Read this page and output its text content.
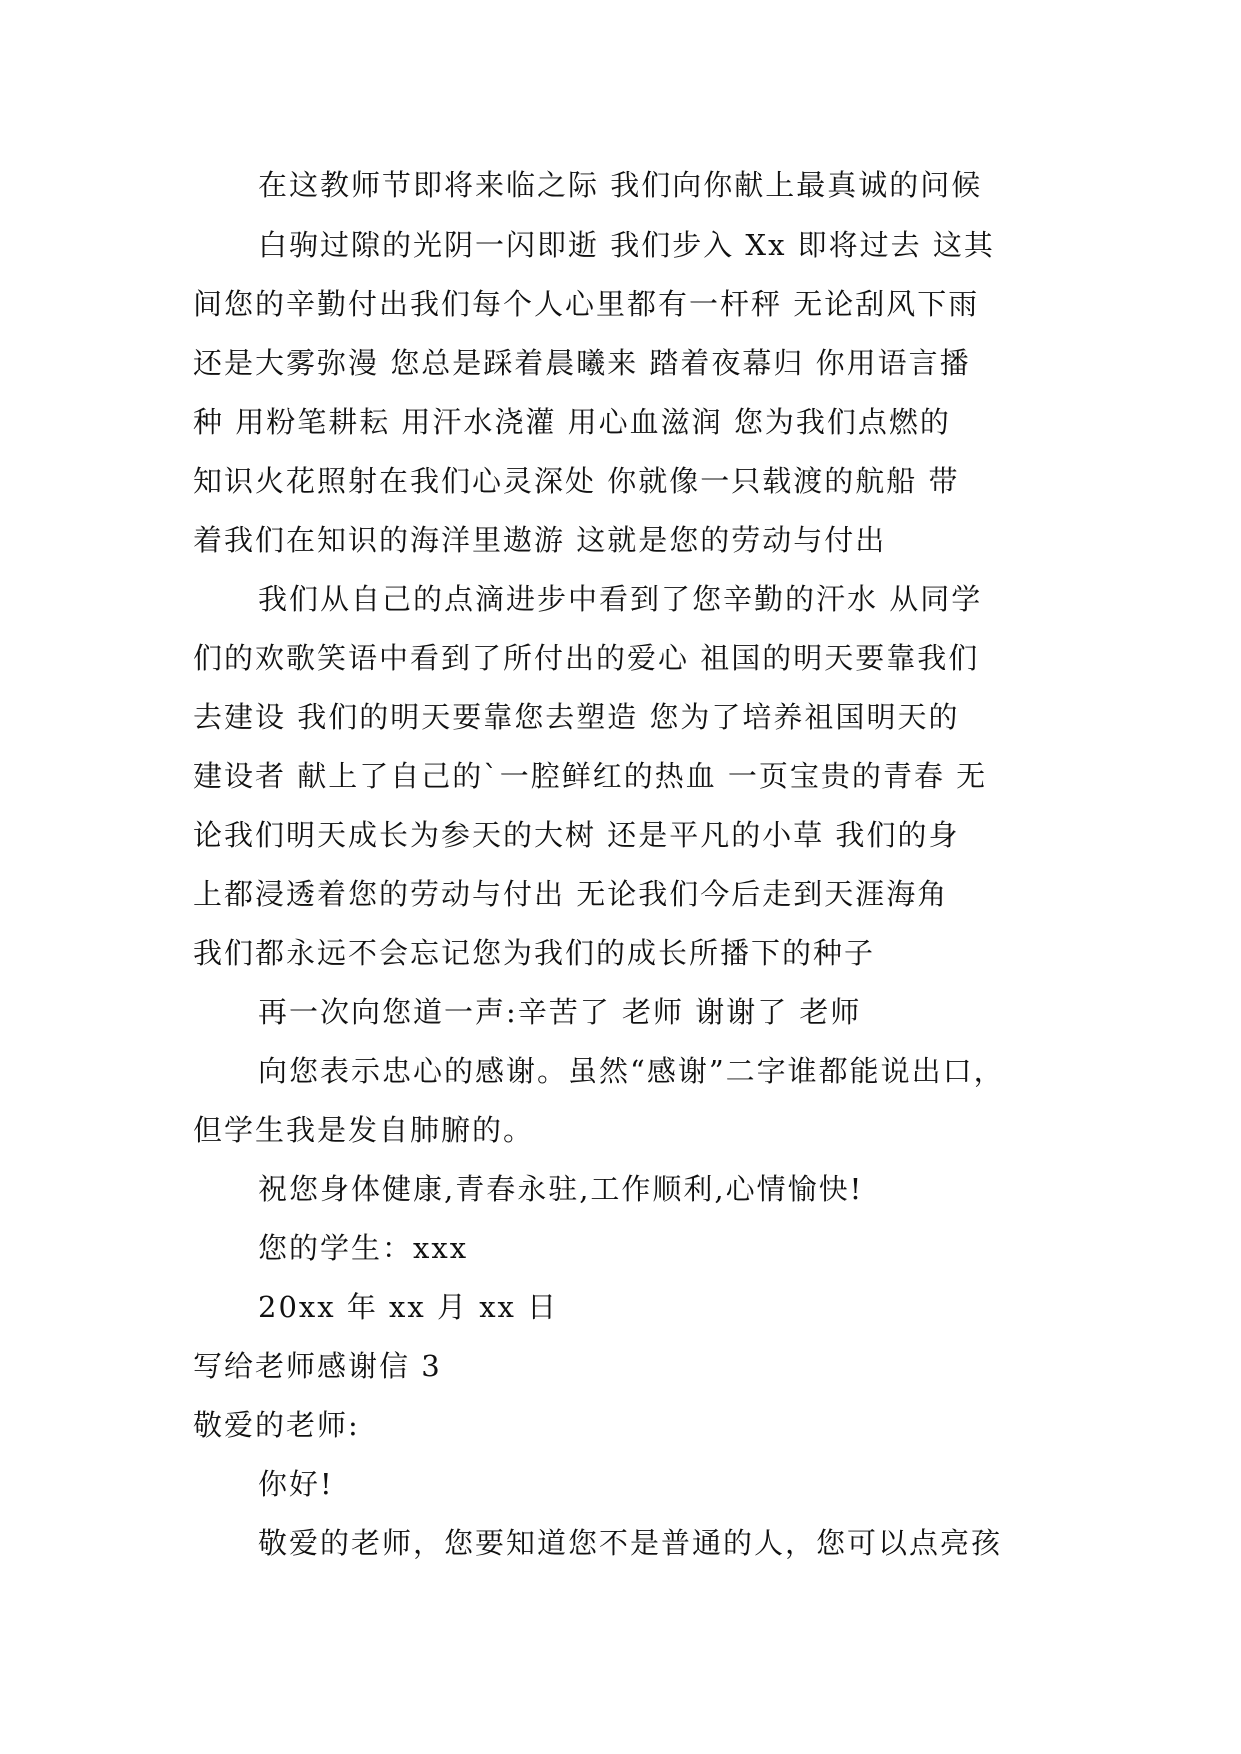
在这教师节即将来临之际 我们向你献上最真诚的问候
白驹过隙的光阴一闪即逝 我们步入 Xx 即将过去 这其
间您的辛勤付出我们每个人心里都有一杆秤 无论刮风下雨
还是大雾弥漫 您总是踩着晨曦来 踏着夜幕归 你用语言播
种 用粉笔耕耘 用汗水浇灌 用心血滋润 您为我们点燃的
知识火花照射在我们心灵深处 你就像一只载渡的航船 带
着我们在知识的海洋里遨游 这就是您的劳动与付出
我们从自己的点滴进步中看到了您辛勤的汗水 从同学
们的欢歌笑语中看到了所付出的爱心 祖国的明天要靠我们
去建设 我们的明天要靠您去塑造 您为了培养祖国明天的
建设者 献上了自己的`一腔鲜红的热血 一页宝贵的青春 无
论我们明天成长为参天的大树 还是平凡的小草 我们的身
上都浸透着您的劳动与付出 无论我们今后走到天涯海角
我们都永远不会忘记您为我们的成长所播下的种子
再一次向您道一声:辛苦了 老师 谢谢了 老师
向您表示忠心的感谢。虽然“感谢”二字谁都能说出口，
但学生我是发自肺腑的。
祝您身体健康,青春永驻,工作顺利,心情愉快!
您的学生：xxx
20xx 年 xx 月 xx 日
写给老师感谢信 3
敬爱的老师:
你好!
敬爱的老师，您要知道您不是普通的人，您可以点亮孩
